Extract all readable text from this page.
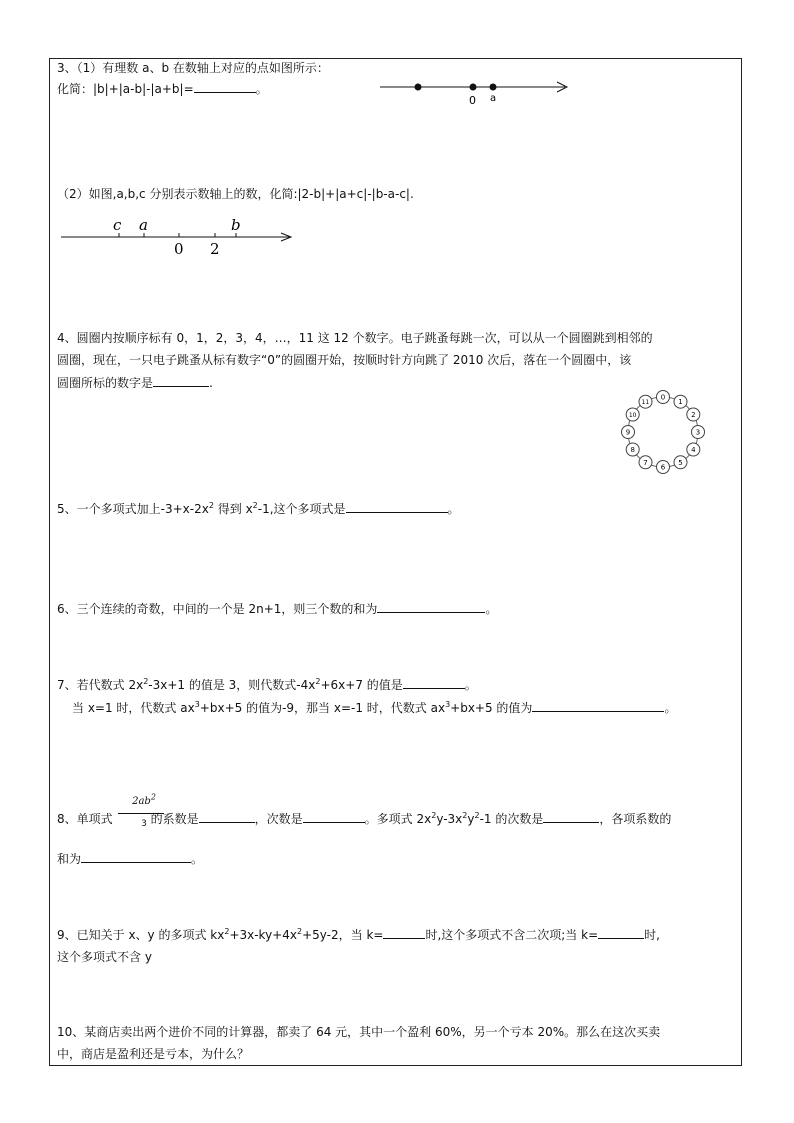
3、（1）有理数 a、b 在数轴上对应的点如图所示：
化简：|b|+|a-b|-|a+b|=	。
0 a
（2）如图,a,b,c 分别表示数轴上的数，化简:|2-b|+|a+c|-|b-a-c|.
c a	b
0 2
4、圆圈内按顺序标有 0，1，2，3，4，…，11 这 12 个数字。电子跳蚤每跳一次，可以从一个圆圈跳到相邻的
圆圈，现在，一只电子跳蚤从标有数字“0”的圆圈开始，按顺时针方向跳了 2010 次后，落在一个圆圈中，该
圆圈所标的数字是	.
0
1
2
3
4
5
6
7
8
9
10
11
5、一个多项式加上$-3+x-2x^2$ 得到 $x^2-1$,这个多项式是	。
6、三个连续的奇数，中间的一个是 2n+1，则三个数的和为	。
7、若代数式 $2x^2-3x+1$ 的值是 3，则代数式$-4x^2+6x+7$ 的值是	。
当 x=1 时，代数式 $ax^3+bx+5$ 的值为-9，那当 x=-1 时，代数式 $ax^3+bx+5$ 的值为	。
8、单项式	的系数是	，次数是	。多项式 $2x^2y-3x^2y^2-1$ 的次数是	，各项系数的
$2ab^2$
3
和为	。
9、已知关于 x、y 的多项式 $kx^2+3x-ky+4x^2+5y-2$，当 k=	时,这个多项式不含二次项;当 k=	时,
这个多项式不含 y
10、某商店卖出两个进价不同的计算器，都卖了 64 元，其中一个盈利 60%，另一个亏本 20%。那么在这次买卖
中，商店是盈利还是亏本，为什么？
